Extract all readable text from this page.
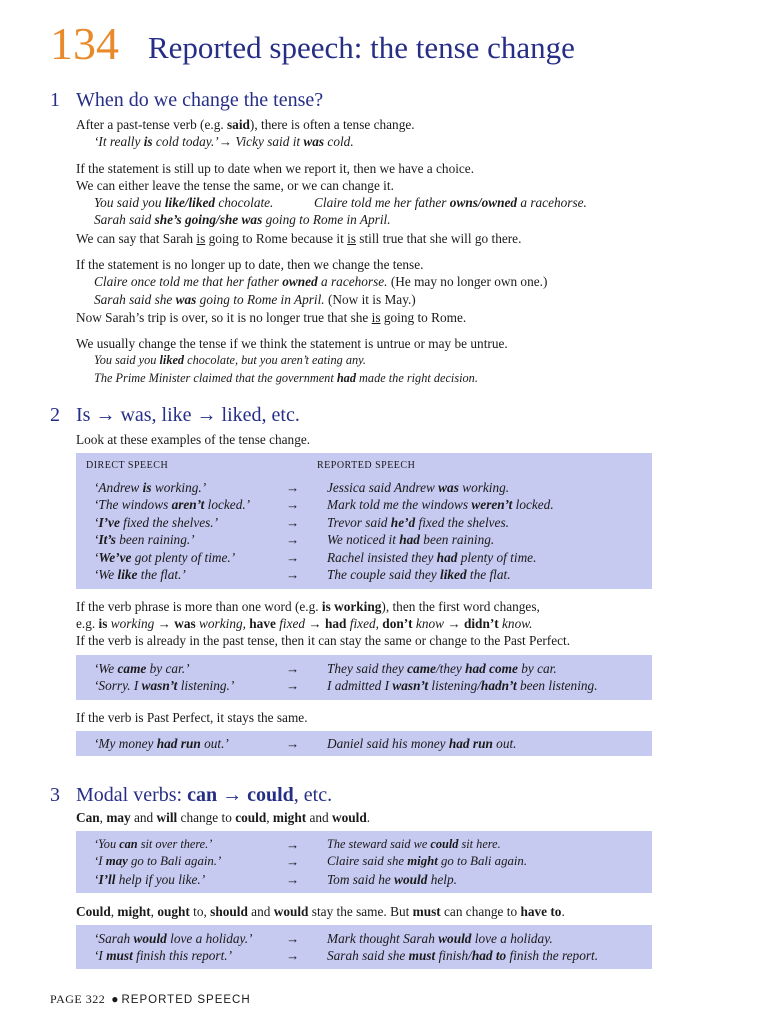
134 Reported speech: the tense change
1 When do we change the tense?
After a past-tense verb (e.g. said), there is often a tense change.
‘It really is cold today.’→ Vicky said it was cold.
If the statement is still up to date when we report it, then we have a choice.
We can either leave the tense the same, or we can change it.
You said you like/liked chocolate.	Claire told me her father owns/owned a racehorse.
Sarah said she’s going/she was going to Rome in April.
We can say that Sarah is going to Rome because it is still true that she will go there.
If the statement is no longer up to date, then we change the tense.
Claire once told me that her father owned a racehorse. (He may no longer own one.)
Sarah said she was going to Rome in April. (Now it is May.)
Now Sarah’s trip is over, so it is no longer true that she is going to Rome.
We usually change the tense if we think the statement is untrue or may be untrue.
You said you liked chocolate, but you aren’t eating any.
The Prime Minister claimed that the government had made the right decision.
2 Is → was, like → liked, etc.
Look at these examples of the tense change.
DIRECT SPEECH	REPORTED SPEECH
‘Andrew is working.’	→ Jessica said Andrew was working.
‘The windows aren’t locked.’	→ Mark told me the windows weren’t locked.
‘I’ve fixed the shelves.’	→ Trevor said he’d fixed the shelves.
‘It’s been raining.’	→ We noticed it had been raining.
‘We’ve got plenty of time.’	→ Rachel insisted they had plenty of time.
‘We like the flat.’	→ The couple said they liked the flat.
If the verb phrase is more than one word (e.g. is working), then the first word changes,
e.g. is working → was working, have fixed → had fixed, don’t know → didn’t know.
If the verb is already in the past tense, then it can stay the same or change to the Past Perfect.
‘We came by car.’	→ They said they came/they had come by car.
‘Sorry. I wasn’t listening.’	→ I admitted I wasn’t listening/hadn’t been listening.
If the verb is Past Perfect, it stays the same.
‘My money had run out.’	→ Daniel said his money had run out.
3 Modal verbs: can → could, etc.
Can, may and will change to could, might and would.
‘You can sit over there.’	→ The steward said we could sit here.
‘I may go to Bali again.’	→ Claire said she might go to Bali again.
‘I’ll help if you like.’	→ Tom said he would help.
Could, might, ought to, should and would stay the same. But must can change to have to.
‘Sarah would love a holiday.’	→ Mark thought Sarah would love a holiday.
‘I must finish this report.’	→ Sarah said she must finish/had to finish the report.
PAGE 322 ● REPORTED SPEECH
